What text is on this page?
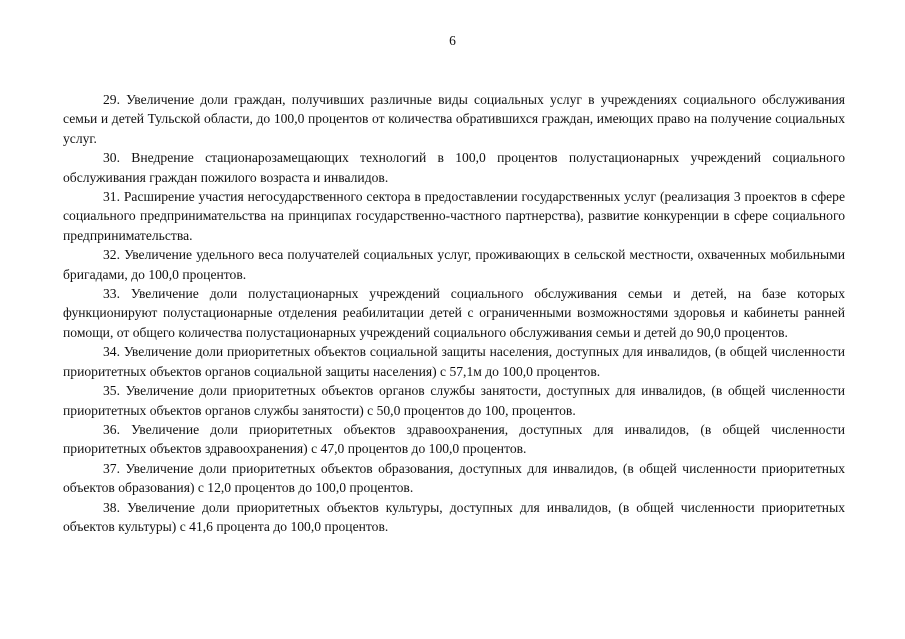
6

29. Увеличение доли граждан, получивших различные виды социальных услуг в учреждениях социального обслуживания семьи и детей Тульской области, до 100,0 процентов от количества обратившихся граждан, имеющих право на получение социальных услуг.

30. Внедрение стационарозамещающих технологий в 100,0 процентов полустационарных учреждений социального обслуживания граждан пожилого возраста и инвалидов.

31. Расширение участия негосударственного сектора в предоставлении государственных услуг (реализация 3 проектов в сфере социального предпринимательства на принципах государственно-частного партнерства), развитие конкуренции в сфере социального предпринимательства.

32. Увеличение удельного веса получателей социальных услуг, проживающих в сельской местности, охваченных мобильными бригадами, до 100,0 процентов.

33. Увеличение доли полустационарных учреждений социального обслуживания семьи и детей, на базе которых функционируют полустационарные отделения реабилитации детей с ограниченными возможностями здоровья и кабинеты ранней помощи, от общего количества полустационарных учреждений социального обслуживания семьи и детей до 90,0 процентов.

34. Увеличение доли приоритетных объектов социальной защиты населения, доступных для инвалидов, (в общей численности приоритетных объектов органов социальной защиты населения) с 57,1м до 100,0 процентов.

35. Увеличение доли приоритетных объектов органов службы занятости, доступных для инвалидов, (в общей численности приоритетных объектов органов службы занятости) с 50,0 процентов до 100, процентов.

36. Увеличение доли приоритетных объектов здравоохранения, доступных для инвалидов, (в общей численности приоритетных объектов здравоохранения) с 47,0 процентов до 100,0 процентов.

37. Увеличение доли приоритетных объектов образования, доступных для инвалидов, (в общей численности приоритетных объектов образования) с 12,0 процентов до 100,0 процентов.

38. Увеличение доли приоритетных объектов культуры, доступных для инвалидов, (в общей численности приоритетных объектов культуры) с 41,6 процента до 100,0 процентов.
